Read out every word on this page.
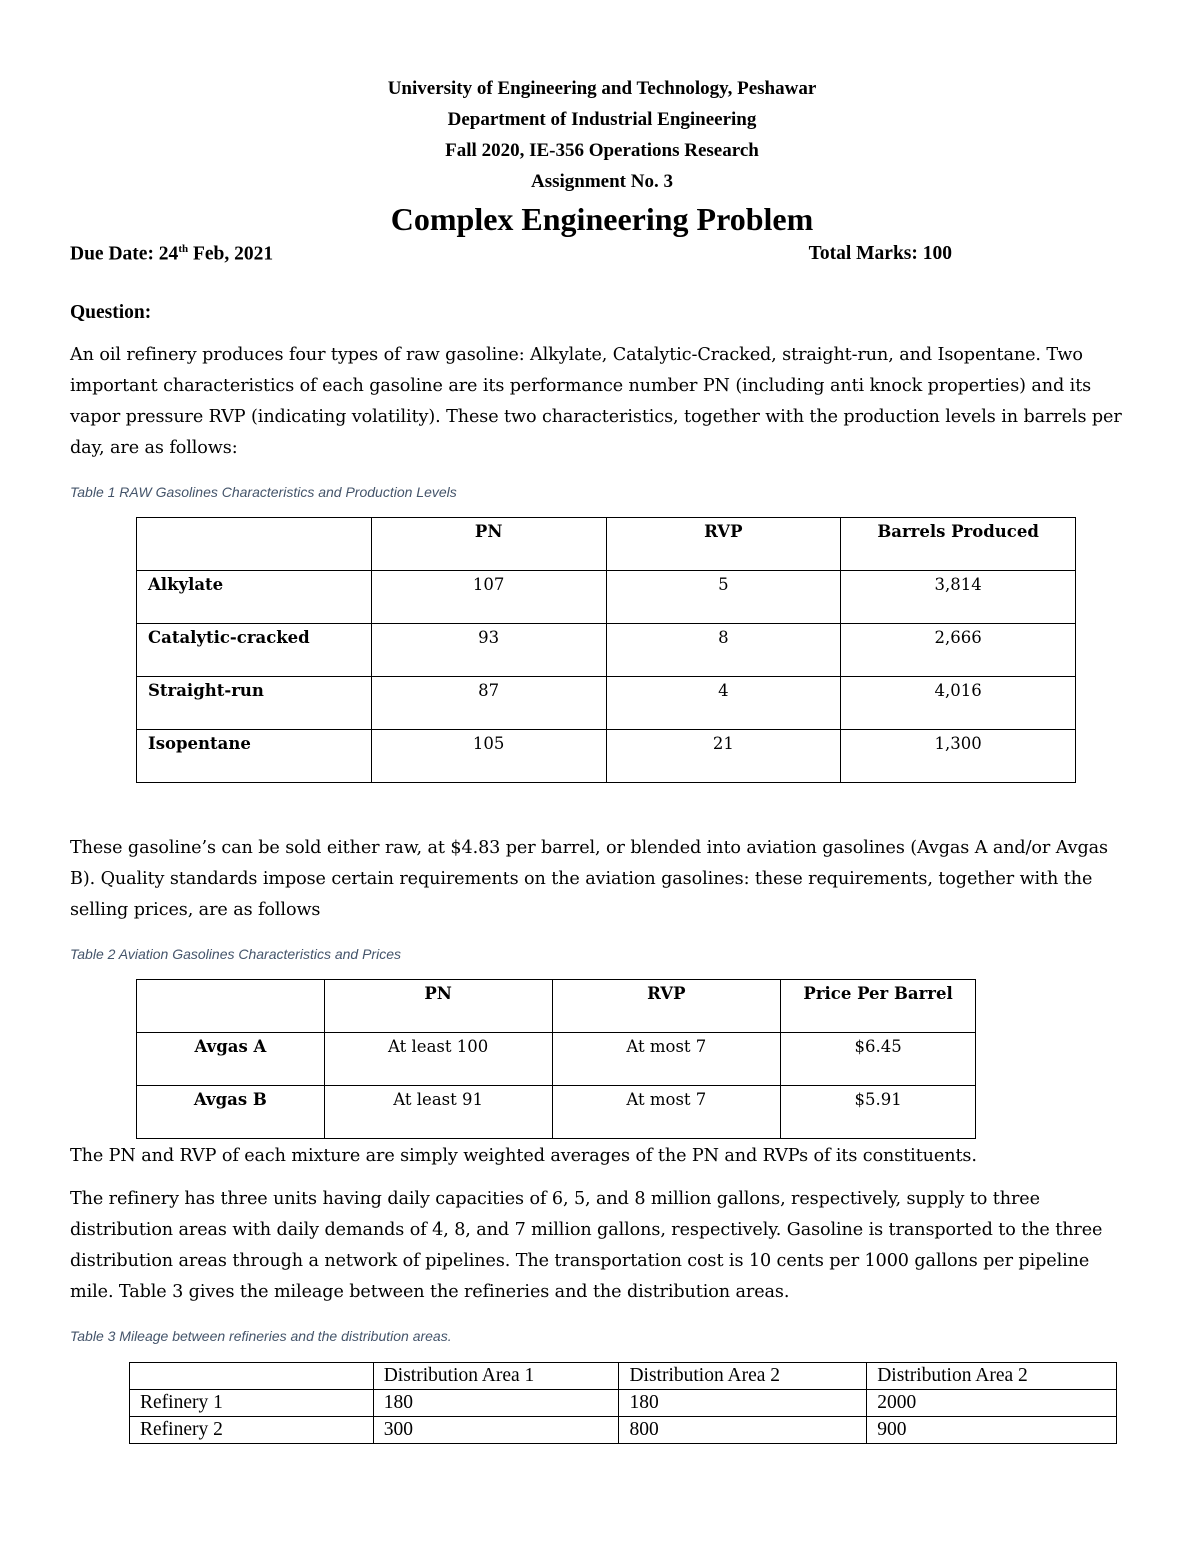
University of Engineering and Technology, Peshawar
Department of Industrial Engineering
Fall 2020, IE-356 Operations Research
Assignment No. 3
Complex Engineering Problem
Due Date: 24th Feb, 2021	Total Marks: 100
Question:
An oil refinery produces four types of raw gasoline: Alkylate, Catalytic-Cracked, straight-run, and Isopentane. Two important characteristics of each gasoline are its performance number PN (including anti knock properties) and its vapor pressure RVP (indicating volatility). These two characteristics, together with the production levels in barrels per day, are as follows:
Table 1 RAW Gasolines Characteristics and Production Levels
	PN	RVP	Barrels Produced
Alkylate	107	5	3,814
Catalytic-cracked	93	8	2,666
Straight-run	87	4	4,016
Isopentane	105	21	1,300
These gasoline’s can be sold either raw, at $4.83 per barrel, or blended into aviation gasolines (Avgas A and/or Avgas B). Quality standards impose certain requirements on the aviation gasolines: these requirements, together with the selling prices, are as follows
Table 2 Aviation Gasolines Characteristics and Prices
	PN	RVP	Price Per Barrel
Avgas A	At least 100	At most 7	$6.45
Avgas B	At least 91	At most 7	$5.91
The PN and RVP of each mixture are simply weighted averages of the PN and RVPs of its constituents.
The refinery has three units having daily capacities of 6, 5, and 8 million gallons, respectively, supply to three distribution areas with daily demands of 4, 8, and 7 million gallons, respectively. Gasoline is transported to the three distribution areas through a network of pipelines. The transportation cost is 10 cents per 1000 gallons per pipeline mile. Table 3 gives the mileage between the refineries and the distribution areas.
Table 3 Mileage between refineries and the distribution areas.
	Distribution Area 1	Distribution Area 2	Distribution Area 2
Refinery 1	180	180	2000
Refinery 2	300	800	900
